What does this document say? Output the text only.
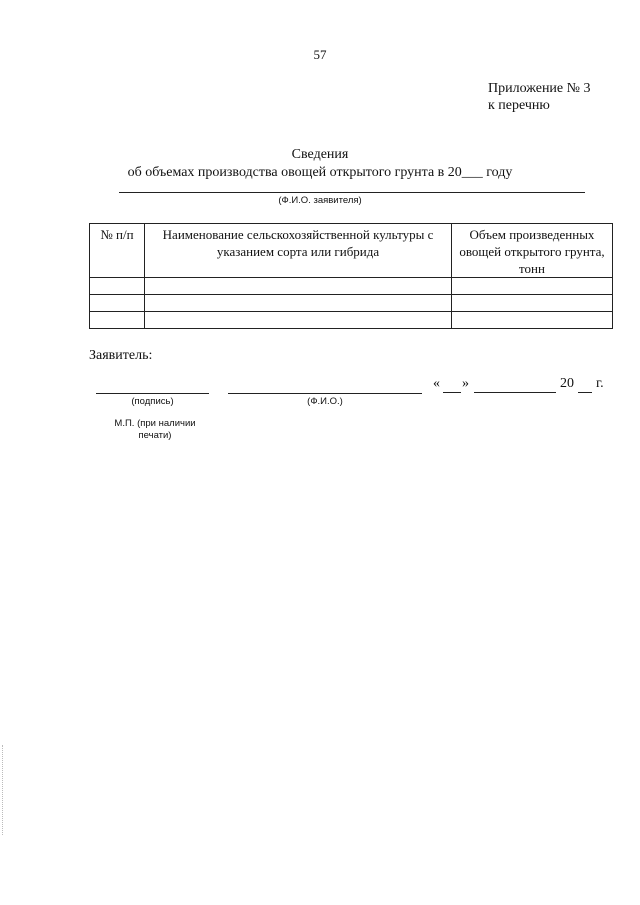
57
Приложение № 3
к перечню
Сведения
об объемах производства овощей открытого грунта в 20___ году
(Ф.И.О. заявителя)
№ п/п	Наименование сельскохозяйственной культуры с указанием сорта или гибрида	Объем произведенных овощей открытого грунта, тонн

Заявитель:
(подпись)	(Ф.И.О.)
« »	20 г.
М.П. (при наличии печати)
